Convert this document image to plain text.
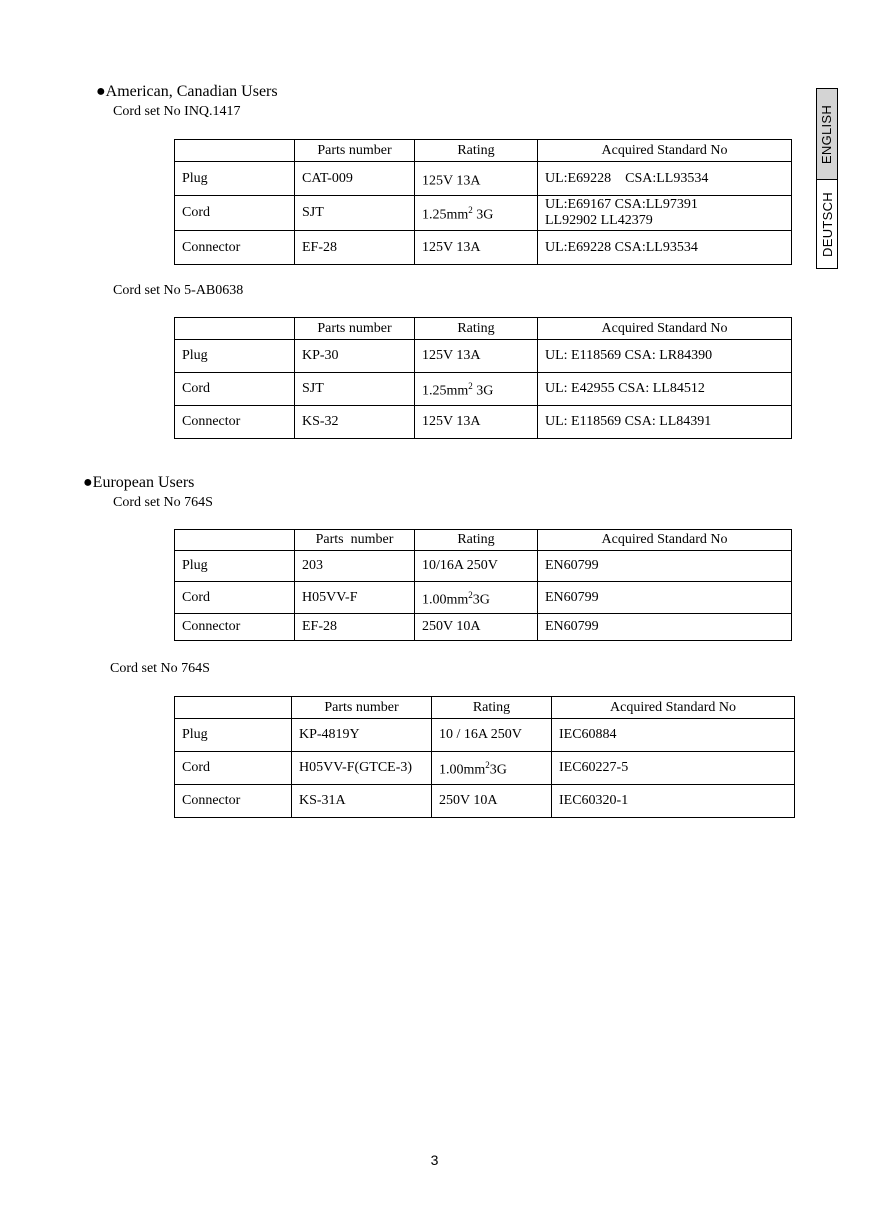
ENGLISH
DEUTSCH
●American, Canadian Users
Cord set No INQ.1417
	Parts number	Rating	Acquired Standard No
Plug	CAT-009	125V 13A	UL:E69228    CSA:LL93534
Cord	SJT	$1.25mm^2$ 3G	UL:E69167 CSA:LL97391
LL92902 LL42379

Connector	EF-28	125V 13A	UL:E69228 CSA:LL93534
Cord set No 5-AB0638
	Parts number	Rating	Acquired Standard No
Plug	KP-30	125V 13A	UL: E118569 CSA: LR84390
Cord	SJT	$1.25mm^2$ 3G	UL: E42955 CSA: LL84512
Connector	KS-32	125V 13A	UL: E118569 CSA: LL84391
●European Users
Cord set No 764S
	Parts  number	Rating	Acquired Standard No
Plug	203	10/16A 250V	EN60799
Cord	H05VV-F	$1.00mm^23G$	EN60799
Connector	EF-28	250V 10A	EN60799
Cord set No 764S
	Parts number	Rating	Acquired Standard No
Plug	KP-4819Y	10 / 16A 250V	IEC60884
Cord	H05VV-F(GTCE-3)	$1.00mm^23G$	IEC60227-5
Connector	KS-31A	250V 10A	IEC60320-1
3
